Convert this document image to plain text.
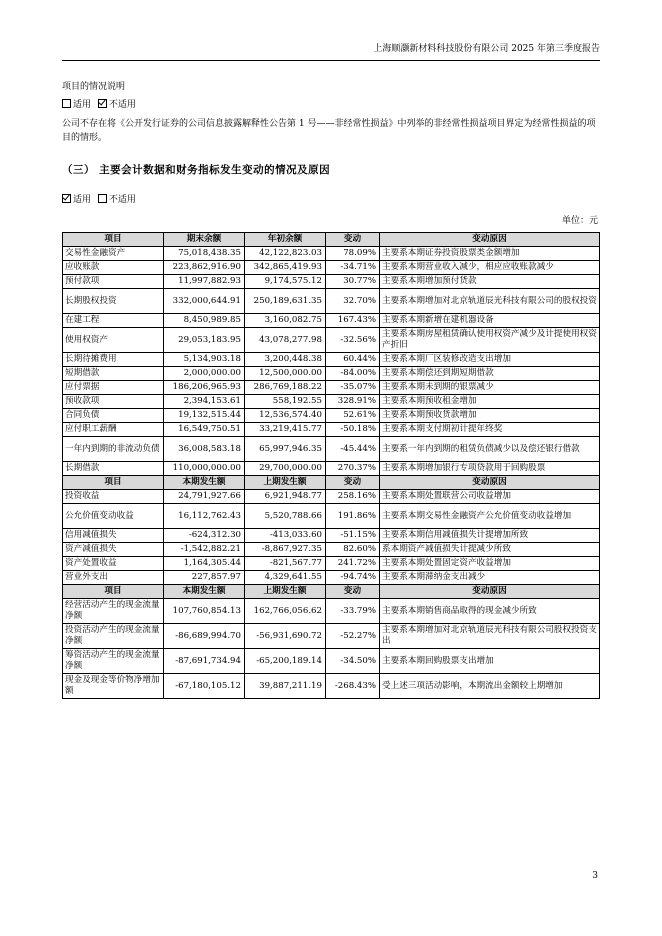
上海顺灏新材料科技股份有限公司 2025 年第三季度报告
项目的情况说明
适用 不适用
公司不存在将《公开发行证券的公司信息披露解释性公告第 1 号——非经常性损益》中列举的非经常性损益项目界定为经常性损益的项目的情形。
（三） 主要会计数据和财务指标发生变动的情况及原因
适用 不适用
单位：元
项目	期末余额	年初余额	变动	变动原因
交易性金融资产	75,018,438.35	42,122,823.03	78.09%	主要系本期证券投资股票类金额增加
应收账款	223,862,916.90	342,865,419.93	-34.71%	主要系本期营业收入减少，相应应收账款减少
预付款项	11,997,882.93	9,174,575.12	30.77%	主要系本期增加预付货款
长期股权投资	332,000,644.91	250,189,631.35	32.70%	主要系本期增加对北京轨道辰光科技有限公司的股权投资
在建工程	8,450,989.85	3,160,082.75	167.43%	主要系本期新增在建机器设备
使用权资产	29,053,183.95	43,078,277.98	-32.56%	主要系本期房屋租赁确认使用权资产减少及计提使用权资产折旧
长期待摊费用	5,134,903.18	3,200,448.38	60.44%	主要系本期厂区装修改造支出增加
短期借款	2,000,000.00	12,500,000.00	-84.00%	主要系本期偿还到期短期借款
应付票据	186,206,965.93	286,769,188.22	-35.07%	主要系本期未到期的银票减少
预收款项	2,394,153.61	558,192.55	328.91%	主要系本期预收租金增加
合同负债	19,132,515.44	12,536,574.40	52.61%	主要系本期预收货款增加
应付职工薪酬	16,549,750.51	33,219,415.77	-50.18%	主要系本期支付期初计提年终奖
一年内到期的非流动负债	36,008,583.18	65,997,946.35	-45.44%	主要系一年内到期的租赁负债减少以及偿还银行借款
长期借款	110,000,000.00	29,700,000.00	270.37%	主要系本期增加银行专项贷款用于回购股票
项目	本期发生额	上期发生额	变动	变动原因
投资收益	24,791,927.66	6,921,948.77	258.16%	主要系本期处置联营公司收益增加
公允价值变动收益	16,112,762.43	5,520,788.66	191.86%	主要系本期交易性金融资产公允价值变动收益增加
信用减值损失	-624,312.30	-413,033.60	-51.15%	主要系本期信用减值损失计提增加所致
资产减值损失	-1,542,882.21	-8,867,927.35	82.60%	系本期资产减值损失计提减少所致
资产处置收益	1,164,305.44	-821,567.77	241.72%	主要系本期处置固定资产收益增加
营业外支出	227,857.97	4,329,641.55	-94.74%	主要系本期滞纳金支出减少
项目	本期发生额	上期发生额	变动	变动原因
经营活动产生的现金流量净额	107,760,854.13	162,766,056.62	-33.79%	主要系本期销售商品取得的现金减少所致
投资活动产生的现金流量净额	-86,689,994.70	-56,931,690.72	-52.27%	主要系本期增加对北京轨道辰光科技有限公司股权投资支出
筹资活动产生的现金流量净额	-87,691,734.94	-65,200,189.14	-34.50%	主要系本期回购股票支出增加
现金及现金等价物净增加额	-67,180,105.12	39,887,211.19	-268.43%	受上述三项活动影响，本期流出金额较上期增加
3
